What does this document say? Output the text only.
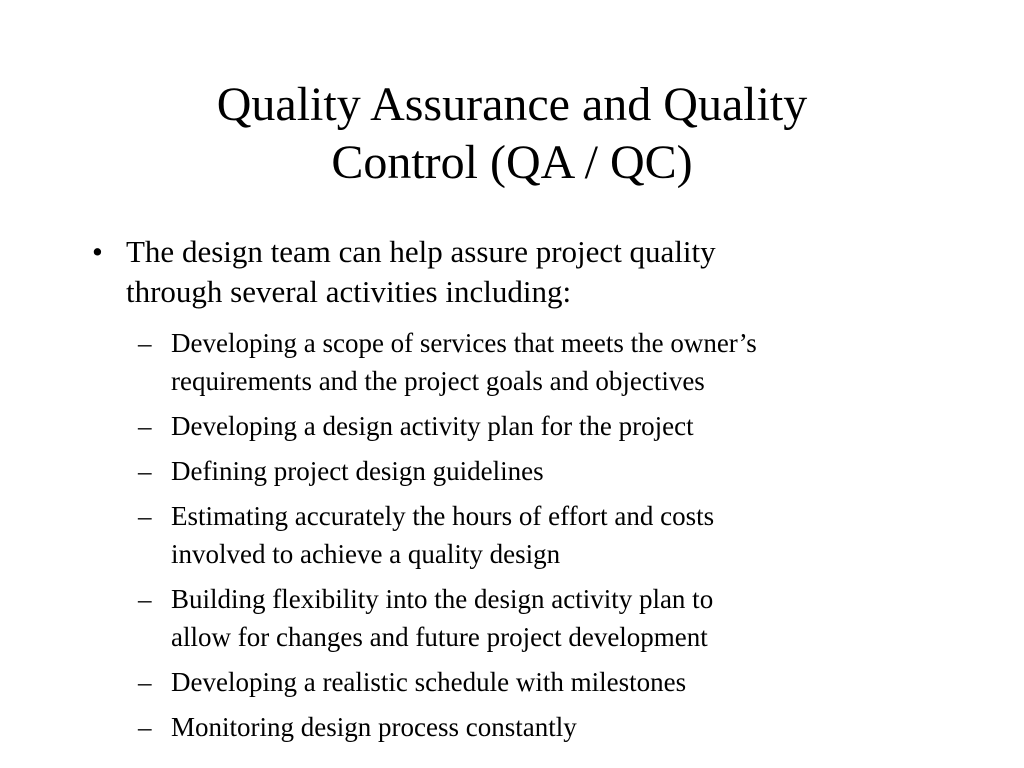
Quality Assurance and Quality
Control (QA / QC)
• The design team can help assure project quality
through several activities including:
– Developing a scope of services that meets the owner’s
requirements and the project goals and objectives
– Developing a design activity plan for the project
– Defining project design guidelines
– Estimating accurately the hours of effort and costs
involved to achieve a quality design
– Building flexibility into the design activity plan to
allow for changes and future project development
– Developing a realistic schedule with milestones
– Monitoring design process constantly
